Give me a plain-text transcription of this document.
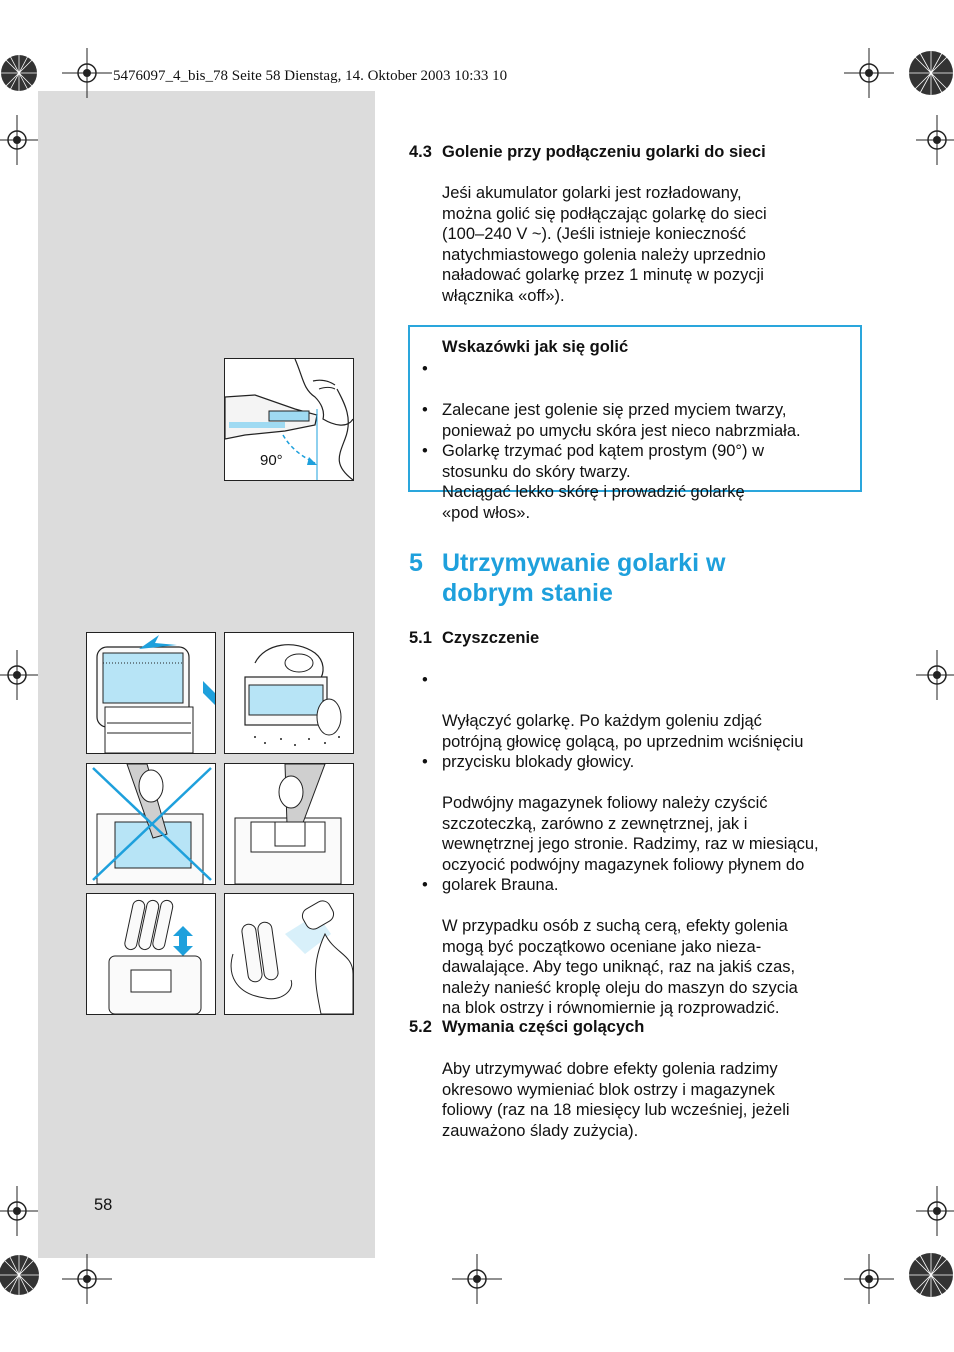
5476097_4_bis_78 Seite 58 Dienstag, 14. Oktober 2003 10:33 10
4.3 Golenie przy podłączeniu golarki do sieci
Jeśi akumulator golarki jest rozładowany,
można golić się podłączając golarkę do sieci
(100–240 V ~). (Jeśli istnieje konieczność
natychmiastowego golenia należy uprzednio
naładować golarkę przez 1 minutę w pozycji
włącznika «off»).
Wskazówki jak się golić

•

Zalecane jest golenie się przed myciem twarzy,
ponieważ po umycłu skóra jest nieco nabrzmiała.

•

Golarkę trzymać pod kątem prostym (90°) w
stosunku do skóry twarzy.

•

Naciągać lekko skórę i prowadzić golarkę
«pod włos».

90°
5 Utrzymywanie golarki w
dobrym stanie
5.1 Czyszczenie

•

Wyłączyć golarkę. Po każdym goleniu zdjąć
potrójną głowicę golącą, po uprzednim wciśnięciu
przycisku blokady głowicy.

•

Podwójny magazynek foliowy należy czyścić
szczoteczką, zarówno z zewnętrznej, jak i
wewnętrznej jego stronie. Radzimy, raz w miesiącu,
oczyocić podwójny magazynek foliowy płynem do
golarek Brauna.

•

W przypadku osób z suchą cerą, efekty golenia
mogą być początkowo oceniane jako nieza-
dawalające. Aby tego uniknąć, raz na jakiś czas,
należy nanieść kroplę oleju do maszyn do szycia
na blok ostrzy i równomiernie ją rozprowadzić.

5.2 Wymania części golących
Aby utrzymywać dobre efekty golenia radzimy
okresowo wymieniać blok ostrzy i magazynek
foliowy (raz na 18 miesięcy lub wcześniej, jeżeli
zauważono ślady zużycia).
58
